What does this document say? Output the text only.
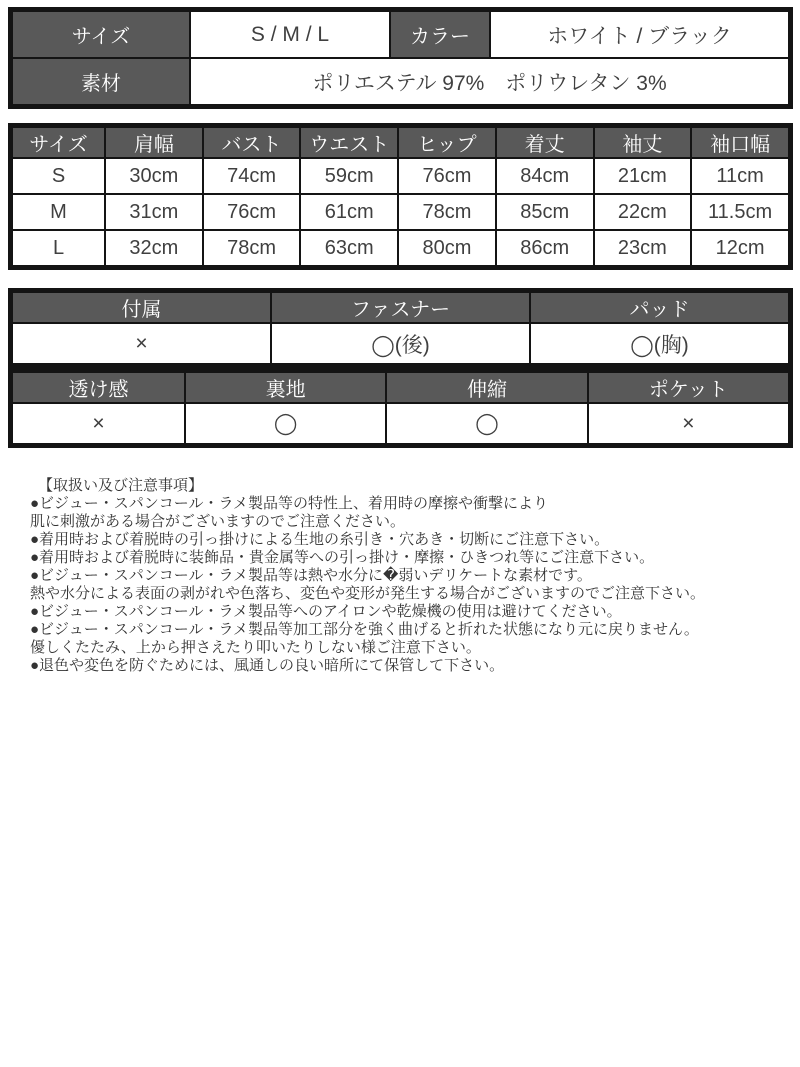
サイズ	S / M / L	カラー	ホワイト / ブラック
素材	ポリエステル 97%　ポリウレタン 3%		
サイズ	肩幅	バスト	ウエスト	ヒップ	着丈	袖丈	袖口幅
S	30cm	74cm	59cm	76cm	84cm	21cm	11cm
M	31cm	76cm	61cm	78cm	85cm	22cm	11.5cm
L	32cm	78cm	63cm	80cm	86cm	23cm	12cm
付属	ファスナー	パッド
×	◯(後)	◯(胸)
透け感	裏地	伸縮	ポケット
×	◯	◯	×
【取扱い及び注意事項】
●ビジュー・スパンコール・ラメ製品等の特性上、着用時の摩擦や衝撃により
肌に刺激がある場合がございますのでご注意ください。
●着用時および着脱時の引っ掛けによる生地の糸引き・穴あき・切断にご注意下さい。
●着用時および着脱時に装飾品・貴金属等への引っ掛け・摩擦・ひきつれ等にご注意下さい。
●ビジュー・スパンコール・ラメ製品等は熱や水分に�弱いデリケートな素材です。
熱や水分による表面の剥がれや色落ち、変色や変形が発生する場合がございますのでご注意下さい。
●ビジュー・スパンコール・ラメ製品等へのアイロンや乾燥機の使用は避けてください。
●ビジュー・スパンコール・ラメ製品等加工部分を強く曲げると折れた状態になり元に戻りません。
優しくたたみ、上から押さえたり叩いたりしない様ご注意下さい。
●退色や変色を防ぐためには、風通しの良い暗所にて保管して下さい。
